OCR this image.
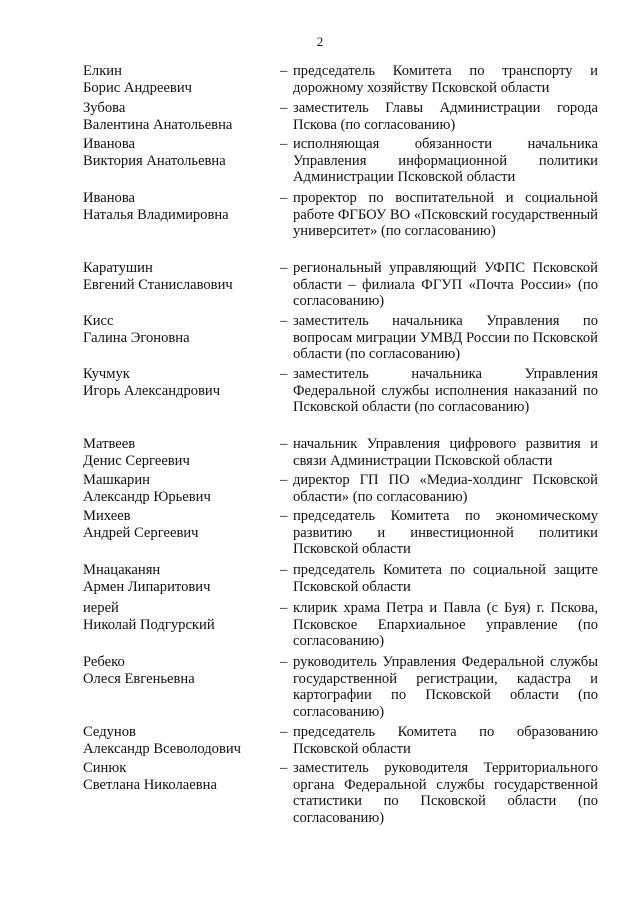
2
Елкин
Борис Андреевич
– председатель Комитета по транспорту и дорожному хозяйству Псковской области
Зубова
Валентина Анатольевна
– заместитель Главы Администрации города Пскова (по согласованию)
Иванова
Виктория Анатольевна
– исполняющая обязанности начальника Управления информационной политики Администрации Псковской области
Иванова
Наталья Владимировна
– проректор по воспитательной и социальной работе ФГБОУ ВО «Псковский государственный университет» (по согласованию)
Каратушин
Евгений Станиславович
– региональный управляющий УФПС Псковской области – филиала ФГУП «Почта России» (по согласованию)
Кисс
Галина Эгоновна
– заместитель начальника Управления по вопросам миграции УМВД России по Псковской области (по согласованию)
Кучмук
Игорь Александрович
– заместитель начальника Управления Федеральной службы исполнения наказаний по Псковской области (по согласованию)
Матвеев
Денис Сергеевич
– начальник Управления цифрового развития и связи Администрации Псковской области
Машкарин
Александр Юрьевич
– директор ГП ПО «Медиа-холдинг Псковской области» (по согласованию)
Михеев
Андрей Сергеевич
– председатель Комитета по экономическому развитию и инвестиционной политики Псковской области
Мнацаканян
Армен Липаритович
– председатель Комитета по социальной защите Псковской области
иерей
Николай Подгурский
– клирик храма Петра и Павла (с Буя) г. Пскова, Псковское Епархиальное управление (по согласованию)
Ребеко
Олеся Евгеньевна
– руководитель Управления Федеральной службы государственной регистрации, кадастра и картографии по Псковской области (по согласованию)
Седунов
Александр Всеволодович
– председатель Комитета по образованию Псковской области
Синюк
Светлана Николаевна
– заместитель руководителя Территориального органа Федеральной службы государственной статистики по Псковской области (по согласованию)
